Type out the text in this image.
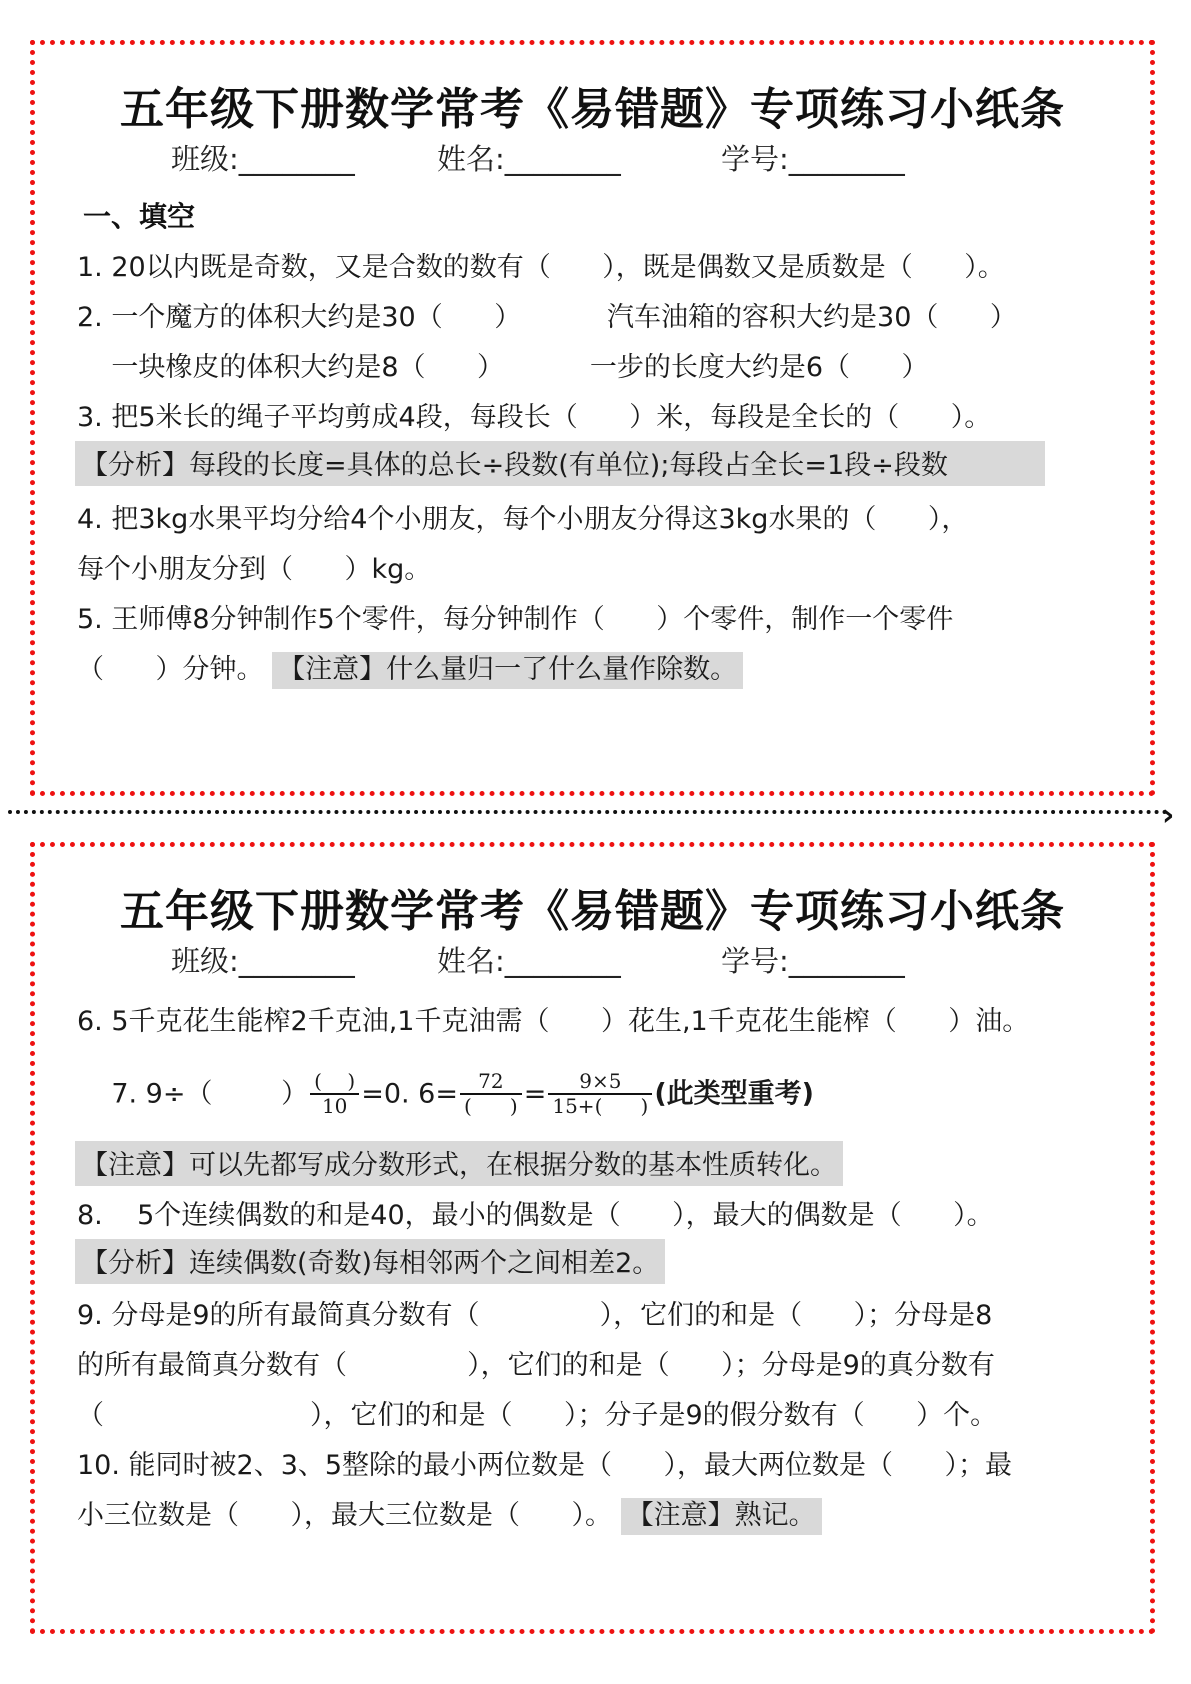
五年级下册数学常考《易错题》专项练习小纸条
班级:________	姓名:________	学号:________
一、填空
1. 20以内既是奇数，又是合数的数有（      ），既是偶数又是质数是（      ）。
2. 一个魔方的体积大约是30（      ）          汽车油箱的容积大约是30（      ）
一块橡皮的体积大约是8（      ）          一步的长度大约是6（      ）
3. 把5米长的绳子平均剪成4段，每段长（      ）米，每段是全长的（      ）。
【分析】每段的长度=具体的总长÷段数(有单位);每段占全长=1段÷段数
4. 把3kg水果平均分给4个小朋友，每个小朋友分得这3kg水果的（      ），
每个小朋友分到（      ）kg。
5. 王师傅8分钟制作5个零件，每分钟制作（      ）个零件，制作一个零件
（      ）分钟。 【注意】什么量归一了什么量作除数。
›
五年级下册数学常考《易错题》专项练习小纸条
班级:________	姓名:________	学号:________
6. 5千克花生能榨2千克油,1千克油需（      ）花生,1千克花生能榨（      ）油。

7. 9÷（        ） $\frac{( )}{10} =0$. $6= \frac{72}{( )} = \frac{9\times 5}{15+( )}$ (此类型重考)

【注意】可以先都写成分数形式，在根据分数的基本性质转化。
8.    5个连续偶数的和是40，最小的偶数是（      ），最大的偶数是（      ）。
【分析】连续偶数(奇数)每相邻两个之间相差2。
9. 分母是9的所有最简真分数有（              ），它们的和是（      ）；分母是8
的所有最简真分数有（              ），它们的和是（      ）；分母是9的真分数有
（                        ），它们的和是（      ）；分子是9的假分数有（      ）个。
10. 能同时被2、3、5整除的最小两位数是（      ），最大两位数是（      ）；最
小三位数是（      ），最大三位数是（      ）。 【注意】熟记。
